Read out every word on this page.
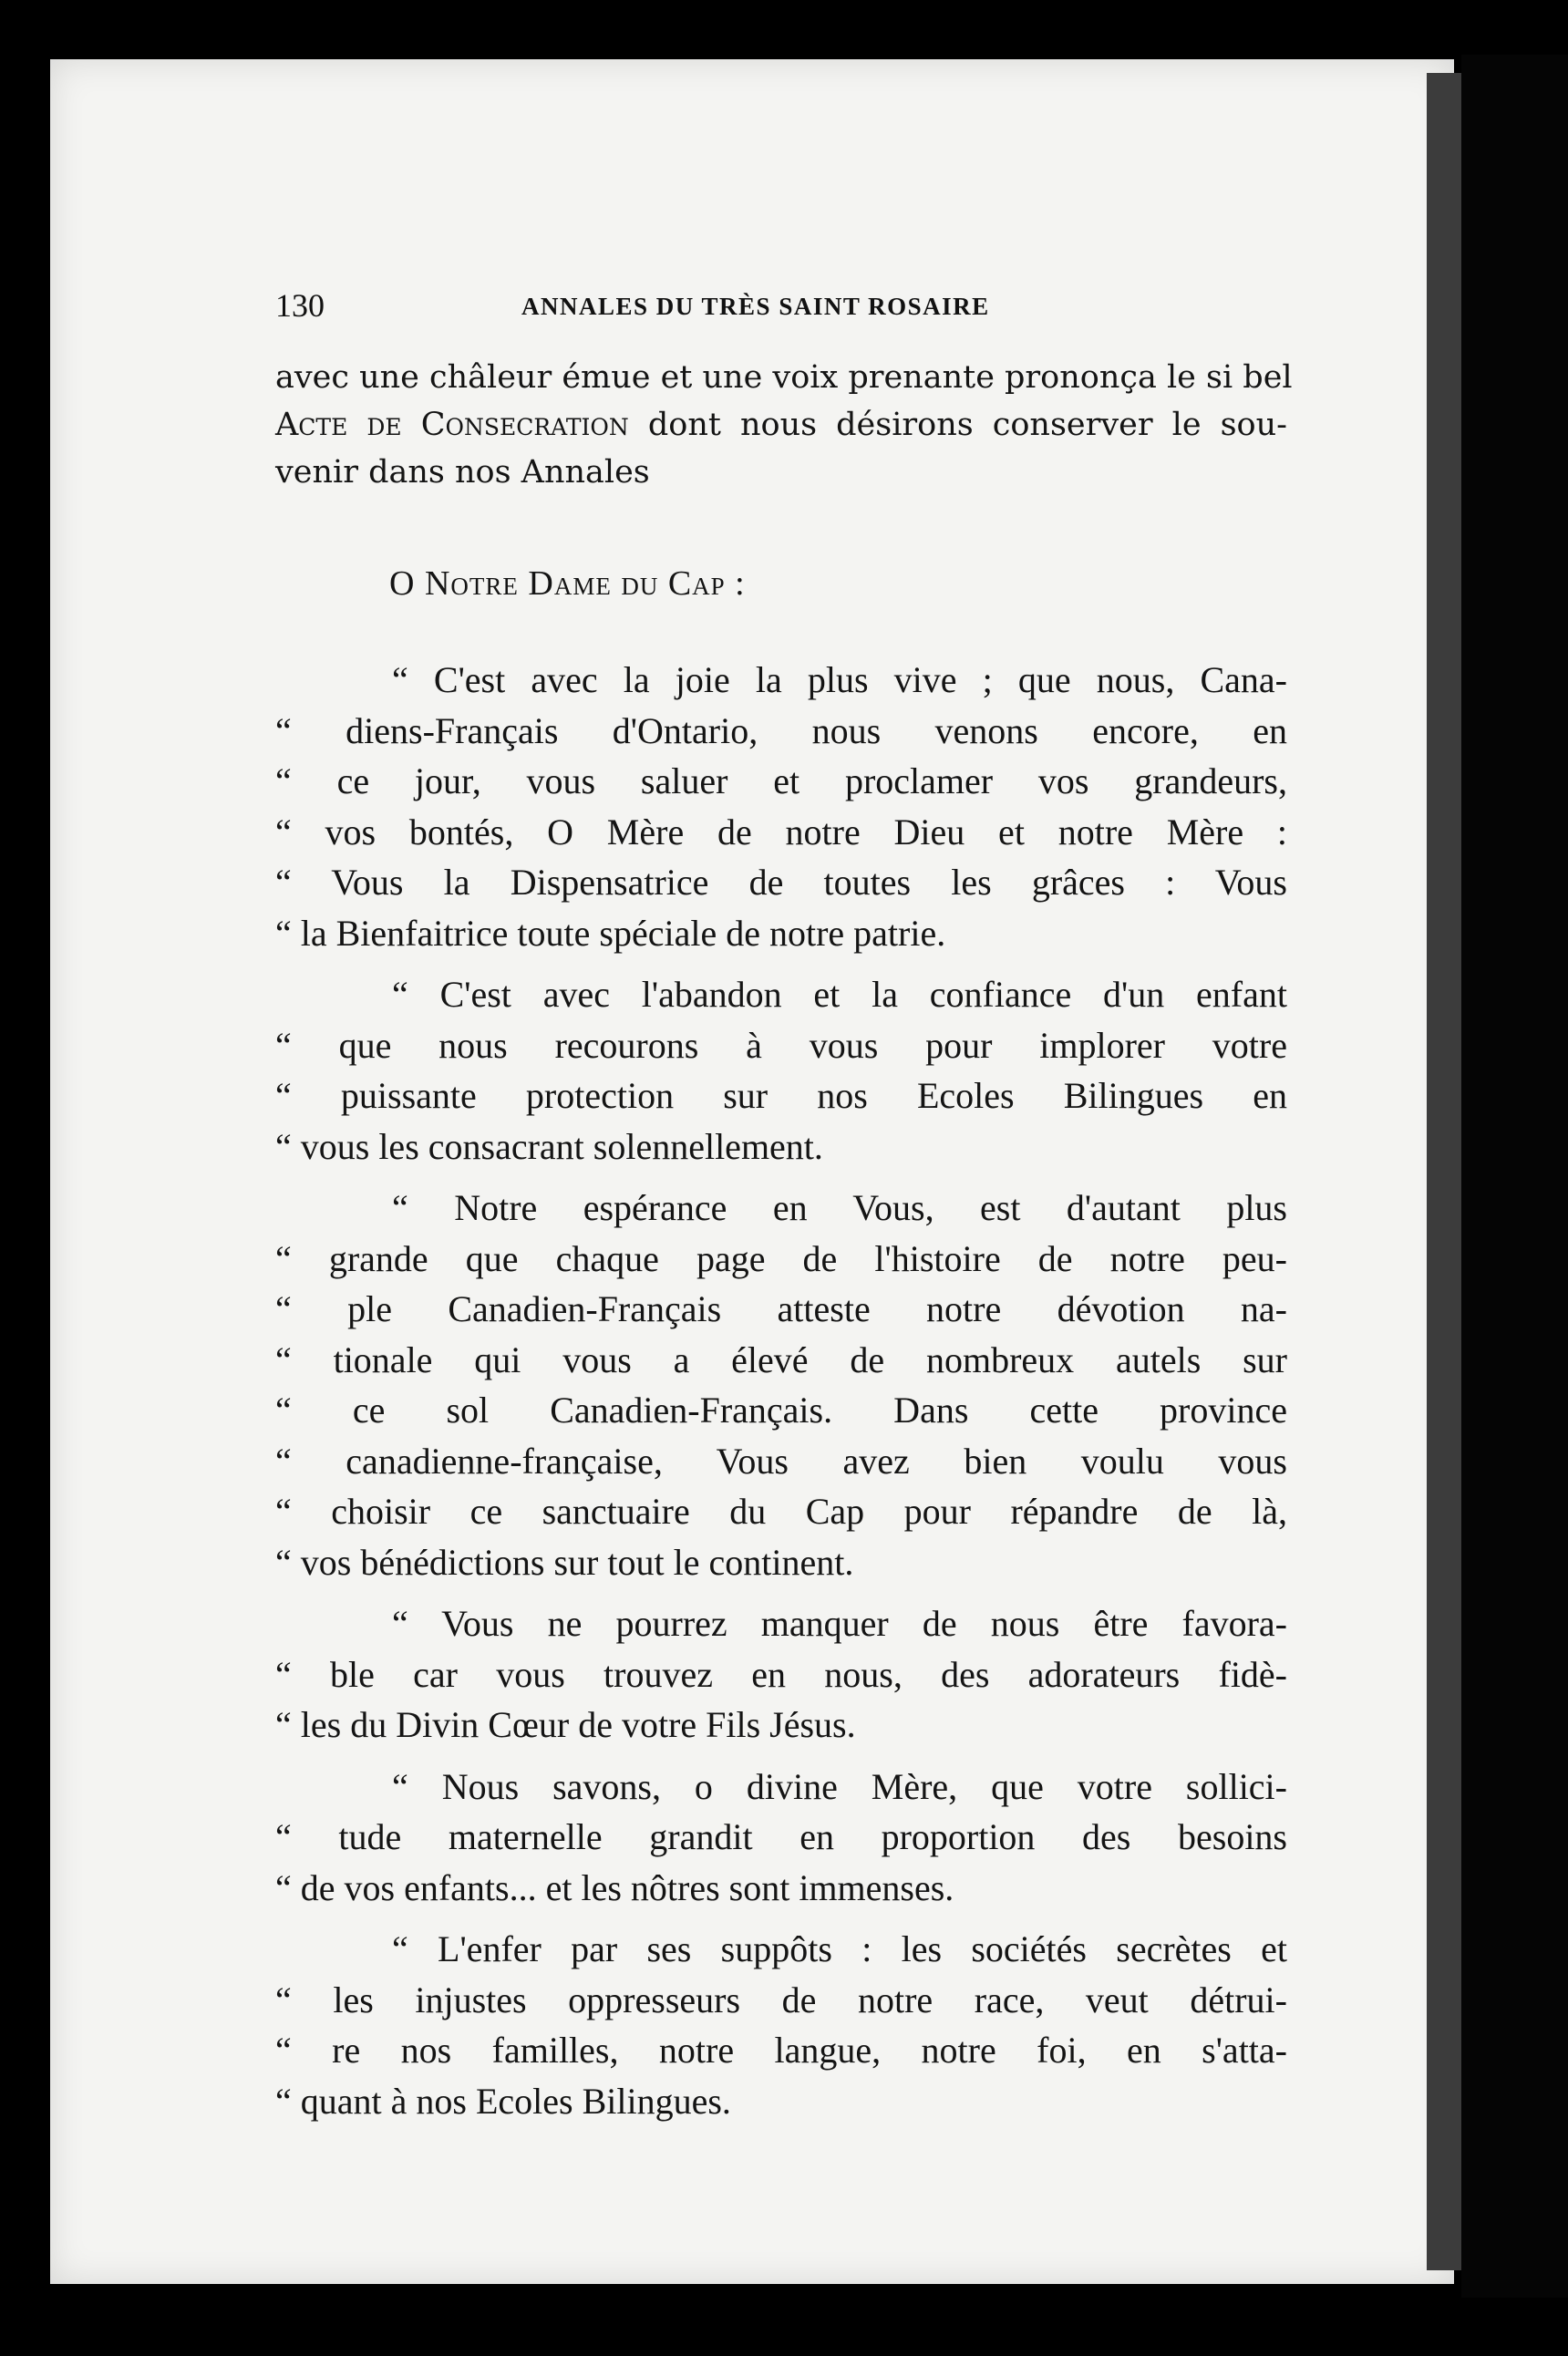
130	ANNALES DU TRÈS SAINT ROSAIRE
avec une châleur émue et une voix prenante prononça le si bel
Acte de Consecration dont nous désirons conserver le sou-
venir dans nos Annales
O Notre Dame du Cap :
“ C'est avec la joie la plus vive ; que nous, Cana-
“ diens-Français d'Ontario, nous venons encore, en
“ ce jour, vous saluer et proclamer vos grandeurs,
“ vos bontés, O Mère de notre Dieu et notre Mère :
“ Vous la Dispensatrice de toutes les grâces : Vous
“ la Bienfaitrice toute spéciale de notre patrie.
“ C'est avec l'abandon et la confiance d'un enfant
“ que nous recourons à vous pour implorer votre
“ puissante protection sur nos Ecoles Bilingues en
“ vous les consacrant solennellement.
“ Notre espérance en Vous, est d'autant plus
“ grande que chaque page de l'histoire de notre peu-
“ ple Canadien-Français atteste notre dévotion na-
“ tionale qui vous a élevé de nombreux autels sur
“ ce sol Canadien-Français. Dans cette province
“ canadienne-française, Vous avez bien voulu vous
“ choisir ce sanctuaire du Cap pour répandre de là,
“ vos bénédictions sur tout le continent.
“ Vous ne pourrez manquer de nous être favora-
“ ble car vous trouvez en nous, des adorateurs fidè-
“ les du Divin Cœur de votre Fils Jésus.
“ Nous savons, o divine Mère, que votre sollici-
“ tude maternelle grandit en proportion des besoins
“ de vos enfants... et les nôtres sont immenses.
“ L'enfer par ses suppôts : les sociétés secrètes et
“ les injustes oppresseurs de notre race, veut détrui-
“ re nos familles, notre langue, notre foi, en s'atta-
“ quant à nos Ecoles Bilingues.
